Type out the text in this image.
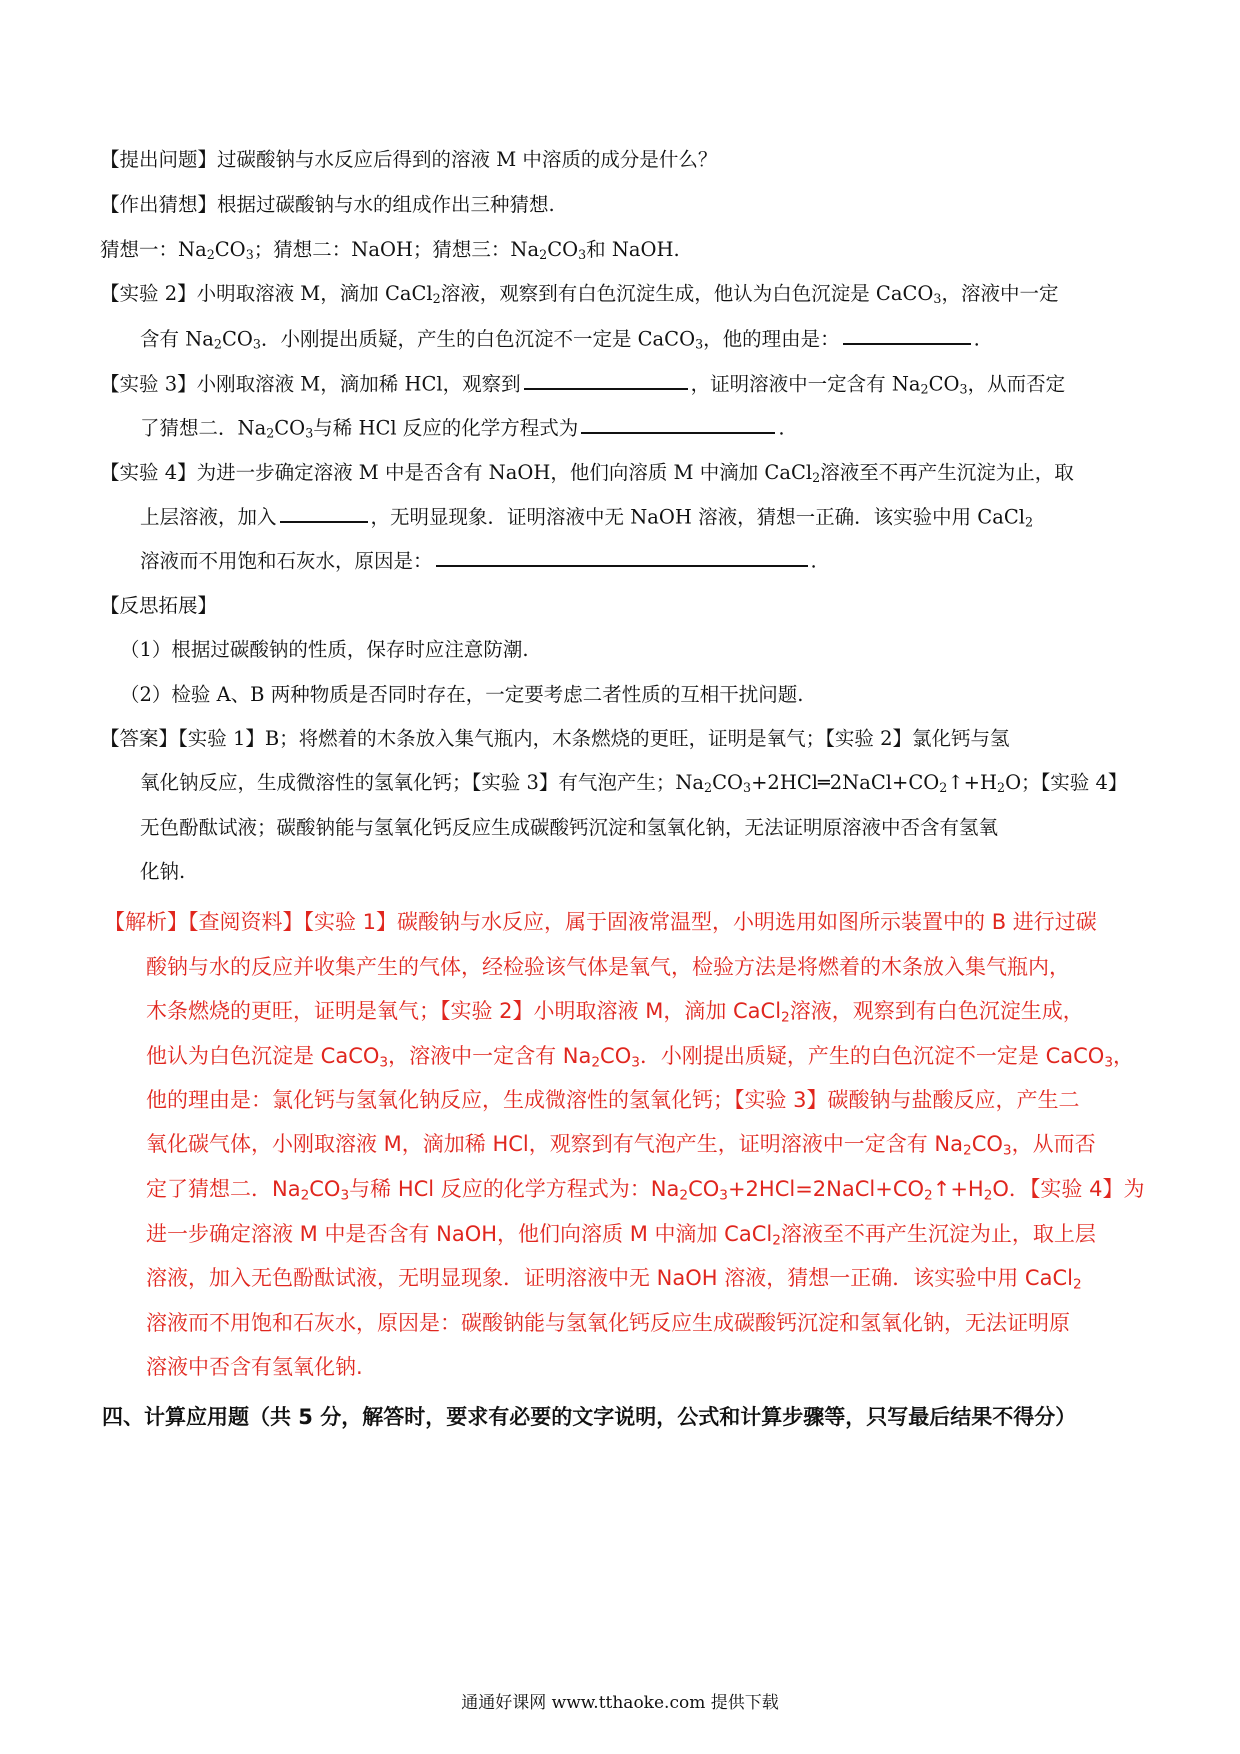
【提出问题】过碳酸钠与水反应后得到的溶液 M 中溶质的成分是什么？
【作出猜想】根据过碳酸钠与水的组成作出三种猜想.
猜想一：$Na_2CO_3$；猜想二：NaOH；猜想三：$Na_2CO_3$和 NaOH.
【实验 2】小明取溶液 M，滴加 CaCl$_2$溶液，观察到有白色沉淀生成，他认为白色沉淀是 CaCO$_3$，溶液中一定
含有 $Na_2CO_3$．小刚提出质疑，产生的白色沉淀不一定是 CaCO$_3$，他的理由是：	.
【实验 3】小刚取溶液 M，滴加稀 HCl，观察到	，证明溶液中一定含有 $Na_2CO_3$，从而否定
了猜想二．$Na_2CO_3$与稀 HCl 反应的化学方程式为	.
【实验 4】为进一步确定溶液 M 中是否含有 NaOH，他们向溶质 M 中滴加 CaCl$_2$溶液至不再产生沉淀为止，取
上层溶液，加入	，无明显现象．证明溶液中无 NaOH 溶液，猜想一正确．该实验中用 CaCl$_2$
溶液而不用饱和石灰水，原因是：	.
【反思拓展】
（1）根据过碳酸钠的性质，保存时应注意防潮.
（2）检验 A、B 两种物质是否同时存在，一定要考虑二者性质的互相干扰问题.
【答案】【实验 1】B；将燃着的木条放入集气瓶内，木条燃烧的更旺，证明是氧气；【实验 2】氯化钙与氢
氧化钠反应，生成微溶性的氢氧化钙；【实验 3】有气泡产生；$Na_2CO_3+2HCl═2NaCl+CO_2↑+H_2O$；【实验 4】
无色酚酞试液；碳酸钠能与氢氧化钙反应生成碳酸钙沉淀和氢氧化钠，无法证明原溶液中否含有氢氧
化钠.
【解析】【查阅资料】【实验 1】碳酸钠与水反应，属于固液常温型，小明选用如图所示装置中的 B 进行过碳
酸钠与水的反应并收集产生的气体，经检验该气体是氧气，检验方法是将燃着的木条放入集气瓶内，
木条燃烧的更旺，证明是氧气；【实验 2】小明取溶液 M，滴加 CaCl$_2$溶液，观察到有白色沉淀生成，
他认为白色沉淀是 CaCO$_3$，溶液中一定含有 $Na_2CO_3$．小刚提出质疑，产生的白色沉淀不一定是 CaCO$_3$，
他的理由是：氯化钙与氢氧化钠反应，生成微溶性的氢氧化钙；【实验 3】碳酸钠与盐酸反应，产生二
氧化碳气体，小刚取溶液 M，滴加稀 HCl，观察到有气泡产生，证明溶液中一定含有 $Na_2CO_3$，从而否
定了猜想二．$Na_2CO_3$与稀 HCl 反应的化学方程式为：$Na_2CO_3+2HCl=2NaCl+CO_2↑+H_2O$．【实验 4】为
进一步确定溶液 M 中是否含有 NaOH，他们向溶质 M 中滴加 CaCl$_2$溶液至不再产生沉淀为止，取上层
溶液，加入无色酚酞试液，无明显现象．证明溶液中无 NaOH 溶液，猜想一正确．该实验中用 CaCl$_2$
溶液而不用饱和石灰水，原因是：碳酸钠能与氢氧化钙反应生成碳酸钙沉淀和氢氧化钠，无法证明原
溶液中否含有氢氧化钠.
四、计算应用题（共 5 分，解答时，要求有必要的文字说明，公式和计算步骤等，只写最后结果不得分）
通通好课网 www.tthaoke.com 提供下载
